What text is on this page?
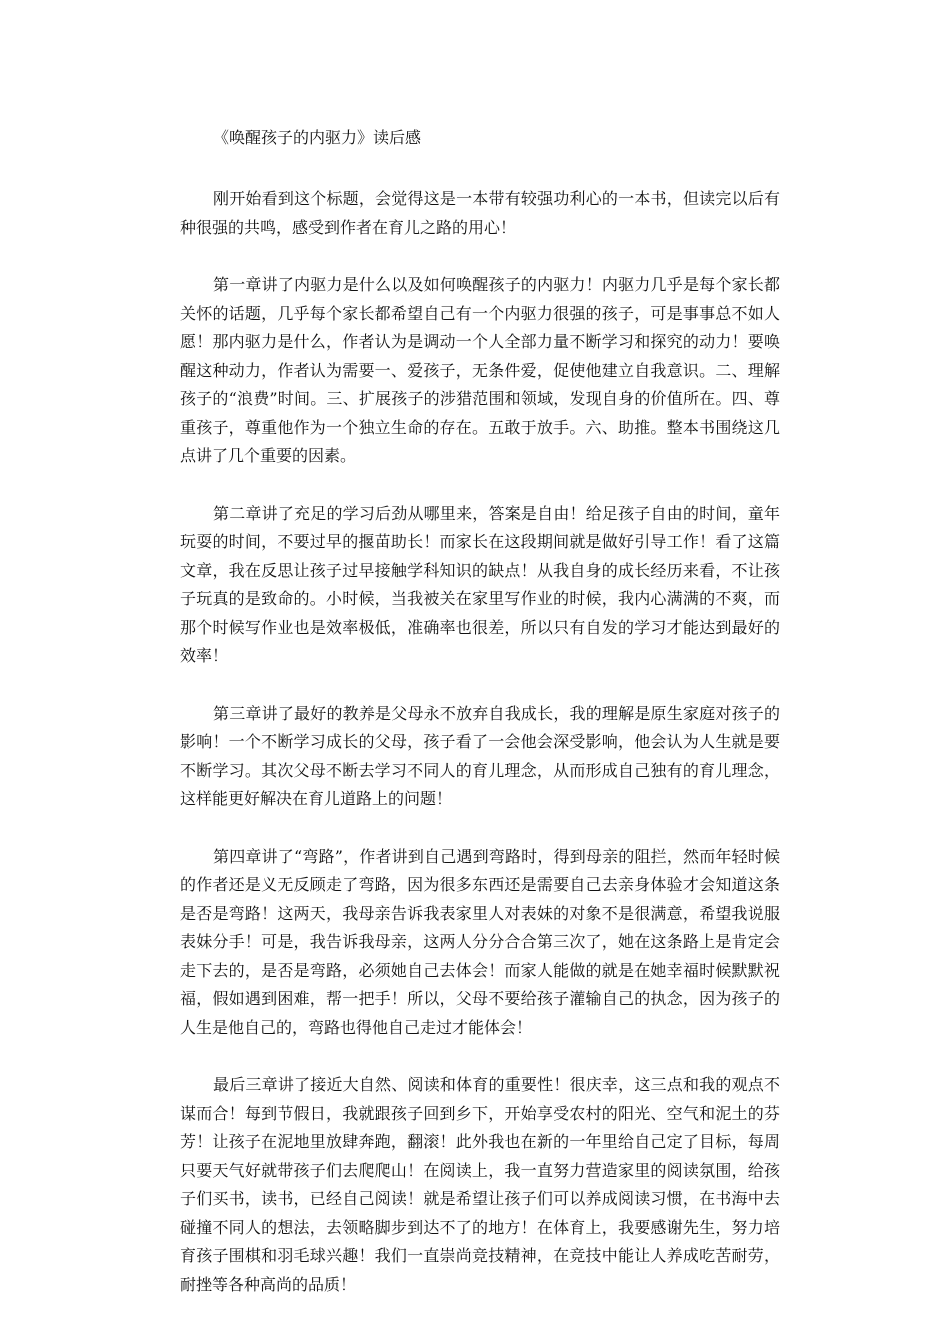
《唤醒孩子的内驱力》读后感

刚开始看到这个标题，会觉得这是一本带有较强功利心的一本书，但读完以后有种很强的共鸣，感受到作者在育儿之路的用心！

第一章讲了内驱力是什么以及如何唤醒孩子的内驱力！内驱力几乎是每个家长都关怀的话题，几乎每个家长都希望自己有一个内驱力很强的孩子，可是事事总不如人愿！那内驱力是什么，作者认为是调动一个人全部力量不断学习和探究的动力！要唤醒这种动力，作者认为需要一、爱孩子，无条件爱，促使他建立自我意识。二、理解孩子的“浪费”时间。三、扩展孩子的涉猎范围和领域，发现自身的价值所在。四、尊重孩子，尊重他作为一个独立生命的存在。五敢于放手。六、助推。整本书围绕这几点讲了几个重要的因素。

第二章讲了充足的学习后劲从哪里来，答案是自由！给足孩子自由的时间，童年玩耍的时间，不要过早的揠苗助长！而家长在这段期间就是做好引导工作！看了这篇文章，我在反思让孩子过早接触学科知识的缺点！从我自身的成长经历来看，不让孩子玩真的是致命的。小时候，当我被关在家里写作业的时候，我内心满满的不爽，而那个时候写作业也是效率极低，准确率也很差，所以只有自发的学习才能达到最好的效率！

第三章讲了最好的教养是父母永不放弃自我成长，我的理解是原生家庭对孩子的影响！一个不断学习成长的父母，孩子看了一会他会深受影响，他会认为人生就是要不断学习。其次父母不断去学习不同人的育儿理念，从而形成自己独有的育儿理念，这样能更好解决在育儿道路上的问题！

第四章讲了“弯路”，作者讲到自己遇到弯路时，得到母亲的阻拦，然而年轻时候的作者还是义无反顾走了弯路，因为很多东西还是需要自己去亲身体验才会知道这条是否是弯路！这两天，我母亲告诉我表家里人对表妹的对象不是很满意，希望我说服表妹分手！可是，我告诉我母亲，这两人分分合合第三次了，她在这条路上是肯定会走下去的，是否是弯路，必须她自己去体会！而家人能做的就是在她幸福时候默默祝福，假如遇到困难，帮一把手！所以，父母不要给孩子灌输自己的执念，因为孩子的人生是他自己的，弯路也得他自己走过才能体会！

最后三章讲了接近大自然、阅读和体育的重要性！很庆幸，这三点和我的观点不谋而合！每到节假日，我就跟孩子回到乡下，开始享受农村的阳光、空气和泥土的芬芳！让孩子在泥地里放肆奔跑，翻滚！此外我也在新的一年里给自己定了目标，每周只要天气好就带孩子们去爬爬山！在阅读上，我一直努力营造家里的阅读氛围，给孩子们买书，读书，已经自己阅读！就是希望让孩子们可以养成阅读习惯，在书海中去碰撞不同人的想法，去领略脚步到达不了的地方！在体育上，我要感谢先生，努力培育孩子围棋和羽毛球兴趣！我们一直崇尚竞技精神，在竞技中能让人养成吃苦耐劳，耐挫等各种高尚的品质！
